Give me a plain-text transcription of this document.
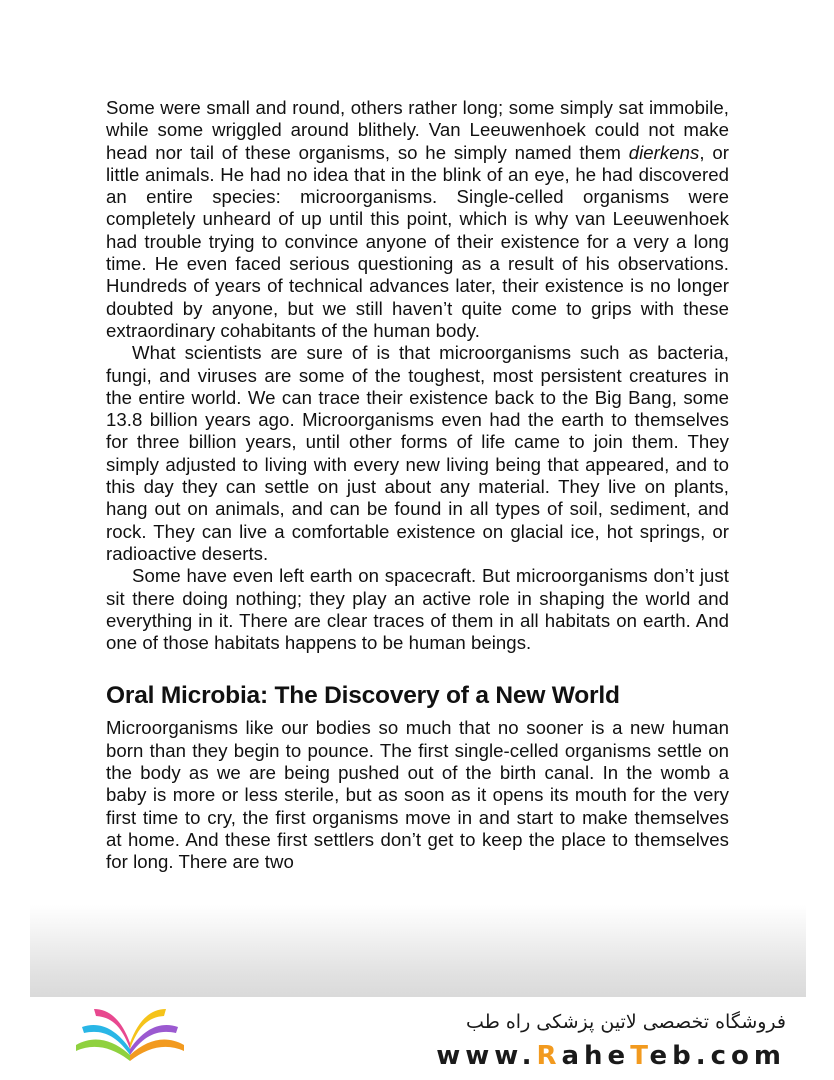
Some were small and round, others rather long; some simply sat immobile, while some wriggled around blithely. Van Leeuwenhoek could not make head nor tail of these organisms, so he simply named them dierkens, or little animals. He had no idea that in the blink of an eye, he had discovered an entire species: microorganisms. Single-celled organisms were completely unheard of up until this point, which is why van Leeuwenhoek had trouble trying to convince anyone of their existence for a very a long time. He even faced serious questioning as a result of his observations. Hundreds of years of technical advances later, their existence is no longer doubted by anyone, but we still haven’t quite come to grips with these extraordinary cohabitants of the human body.

What scientists are sure of is that microorganisms such as bacteria, fungi, and viruses are some of the toughest, most persistent creatures in the entire world. We can trace their existence back to the Big Bang, some 13.8 billion years ago. Microorganisms even had the earth to themselves for three billion years, until other forms of life came to join them. They simply adjusted to living with every new living being that appeared, and to this day they can settle on just about any material. They live on plants, hang out on animals, and can be found in all types of soil, sediment, and rock. They can live a comfortable existence on glacial ice, hot springs, or radioactive deserts.

Some have even left earth on spacecraft. But microorganisms don’t just sit there doing nothing; they play an active role in shaping the world and everything in it. There are clear traces of them in all habitats on earth. And one of those habitats happens to be human beings.

Oral Microbia: The Discovery of a New World

Microorganisms like our bodies so much that no sooner is a new human born than they begin to pounce. The first single-celled organisms settle on the body as we are being pushed out of the birth canal. In the womb a baby is more or less sterile, but as soon as it opens its mouth for the very first time to cry, the first organisms move in and start to make themselves at home. And these first settlers don’t get to keep the place to themselves for long. There are two

فروشگاه تخصصی لاتین پزشکی راه طب
www.RaheTeb.com
